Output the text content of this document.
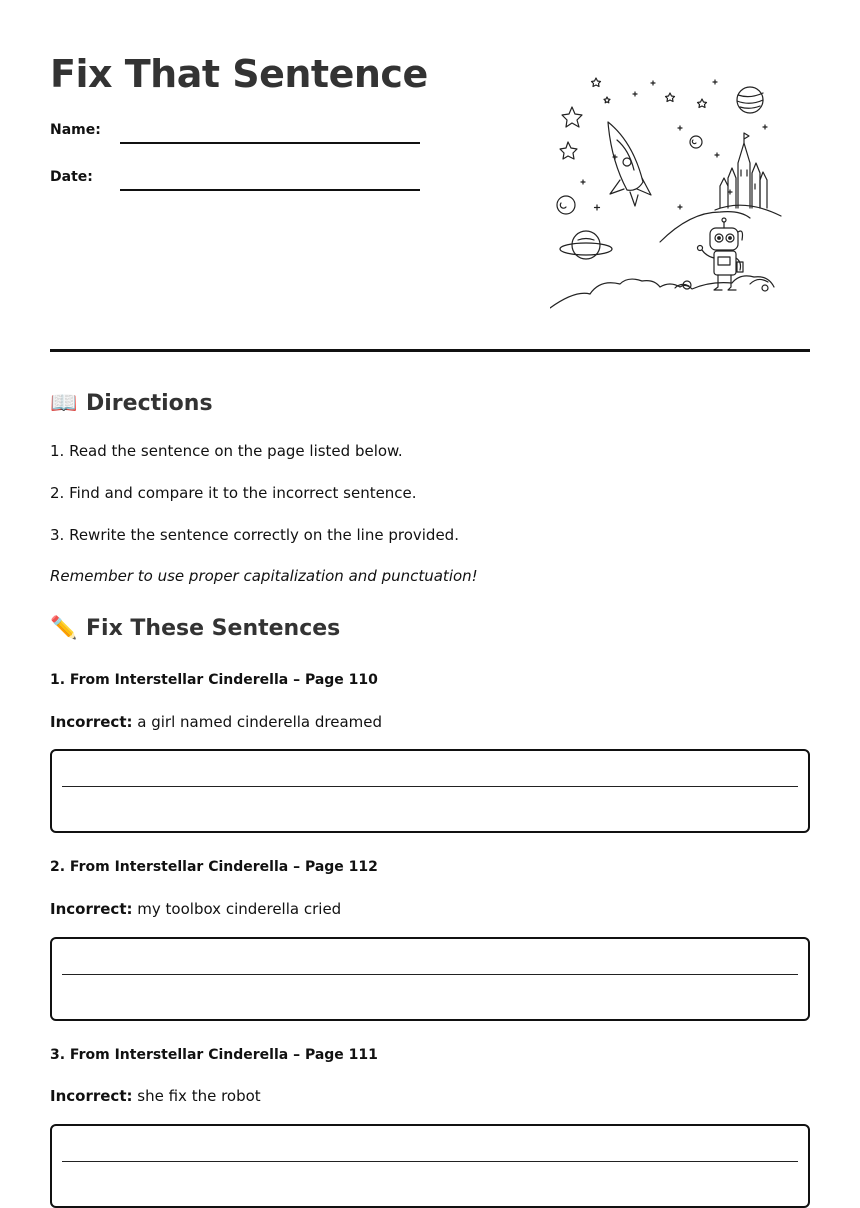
Fix That Sentence
Name:
Date:
📖 Directions
1. Read the sentence on the page listed below.
2. Find and compare it to the incorrect sentence.
3. Rewrite the sentence correctly on the line provided.
Remember to use proper capitalization and punctuation!
✏️ Fix These Sentences
1. From Interstellar Cinderella – Page 110
Incorrect: a girl named cinderella dreamed
2. From Interstellar Cinderella – Page 112
Incorrect: my toolbox cinderella cried
3. From Interstellar Cinderella – Page 111
Incorrect: she fix the robot
